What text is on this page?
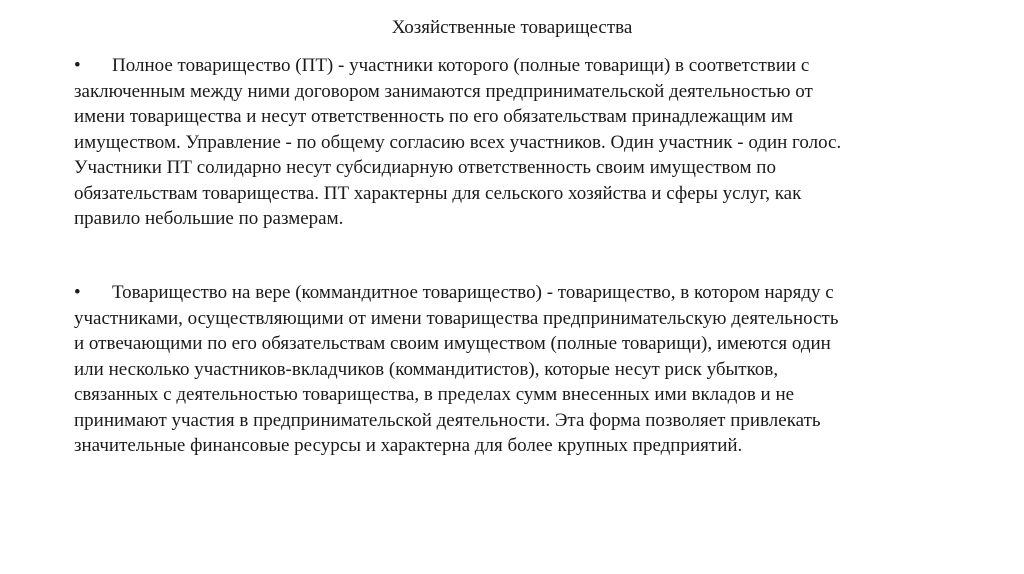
Хозяйственные товарищества
• Полное товарищество (ПТ) - участники которого (полные товарищи) в соответствии с
заключенным между ними договором занимаются предпринимательской деятельностью от
имени товарищества и несут ответственность по его обязательствам принадлежащим им
имуществом. Управление - по общему согласию всех участников. Один участник - один голос.
Участники ПТ солидарно несут субсидиарную ответственность своим имуществом по
обязательствам товарищества. ПТ характерны для сельского хозяйства и сферы услуг, как
правило небольшие по размерам.
• Товарищество на вере (коммандитное товарищество) - товарищество, в котором наряду с
участниками, осуществляющими от имени товарищества предпринимательскую деятельность
и отвечающими по его обязательствам своим имуществом (полные товарищи), имеются один
или несколько участников-вкладчиков (коммандитистов), которые несут риск убытков,
связанных с деятельностью товарищества, в пределах сумм внесенных ими вкладов и не
принимают участия в предпринимательской деятельности. Эта форма позволяет привлекать
значительные финансовые ресурсы и характерна для более крупных предприятий.
